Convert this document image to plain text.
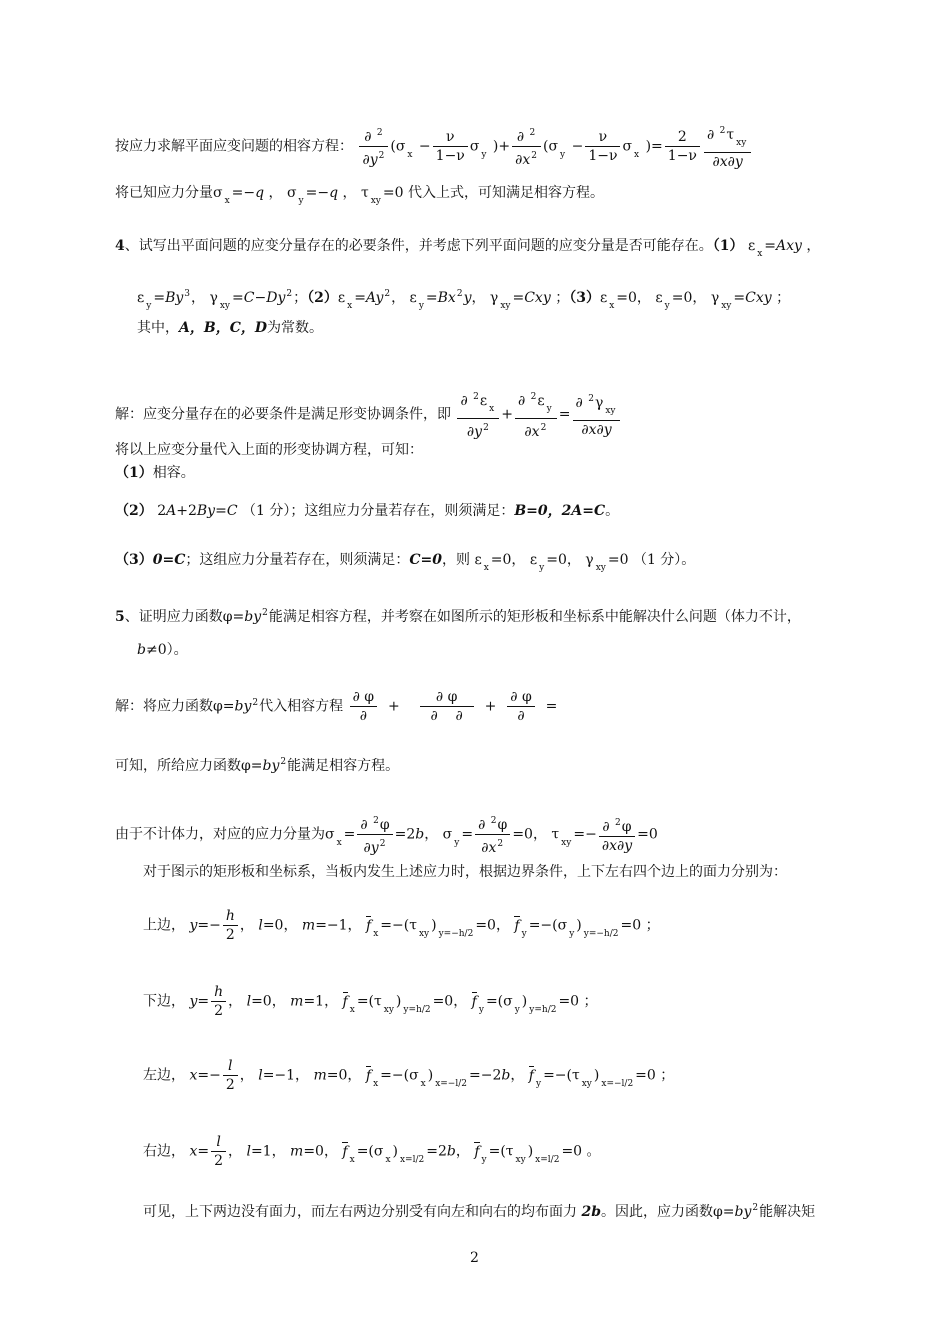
按应力求解平面应变问题的相容方程： $\frac{\partial ^2}{\partial y^2} (\sigma$ $_x - \frac{\nu}{1-\nu}$ σ $_y$ )+ $\frac{\partial ^2}{\partial x^2} (\sigma$ $_y - \frac{\nu}{1-\nu}$ σ $_x$ )= $\frac{2}{1-\nu} \frac{\partial ^2\tau _{xy}}{\partial x\partial y}$
将已知应力分量σ $_x$ =−q ， σ $_y$ =−q ， τ $_{xy}$ =0 代入上式，可知满足相容方程。
4、试写出平面问题的应变分量存在的必要条件，并考虑下列平面问题的应变分量是否可能存在。（1） ε $_x$ =Axy ，
ε $_y =By^3$， γ $_{xy} =C-Dy^2$；（2）ε $_x =Ay^2$， ε $_y =Bx^2y$， γ $_{xy}$ =Cxy ；（3）ε $_x$ =0， ε $_y$ =0， γ $_{xy}$ =Cxy ；
其中，A，B，C，D为常数。
解：应变分量存在的必要条件是满足形变协调条件，即 $\frac{\partial ^2\varepsilon _x}{\partial y^2} + \frac{\partial ^2\varepsilon _y}{\partial x^2} = \frac{\partial ^2\gamma _{xy}}{\partial x\partial y}$
将以上应变分量代入上面的形变协调方程，可知：
（1）相容。
（2） 2A+2By=C （1 分）；这组应力分量若存在，则须满足：B=0，2A=C。
（3）0=C；这组应力分量若存在，则须满足：C=0，则 ε $_x$ =0， ε $_y$ =0， γ $_{xy}$ =0 （1 分）。
5、证明应力函数$\varphi=by^2$能满足相容方程，并考察在如图所示的矩形板和坐标系中能解决什么问题（体力不计，
b≠0）。
解：将应力函数$\varphi=by^2$代入相容方程 $\frac{\partial \varphi}{\partial} + \frac{\partial \varphi}{\partial \partial} + \frac{\partial \varphi}{\partial}$ =
可知，所给应力函数$\varphi=by^2$能满足相容方程。
由于不计体力，对应的应力分量为σ $_x = \frac{\partial ^2\varphi}{\partial y^2} =2b$， σ $_y = \frac{\partial ^2\varphi}{\partial x^2} =0$， τ $_{xy} =- \frac{\partial ^2\varphi}{\partial x\partial y} =0$
对于图示的矩形板和坐标系，当板内发生上述应力时，根据边界条件，上下左右四个边上的面力分别为：
上边， $y=- \frac{h}{2}$ ， l=0， m=−1， f $_x$ =−(τ $_{xy}$ ) $_{y=-h/2}$ =0， f $_y$ =−(σ $_y$ ) $_{y=-h/2}$ =0 ；
下边， $y= \frac{h}{2}$ ， l=0， m=1， f $_x$ =(τ $_{xy}$ ) $_{y=h/2}$ =0， f $_y$ =(σ $_y$ ) $_{y=h/2}$ =0 ；
左边， $x=- \frac{l}{2}$ ， l=−1， m=0， f $_x$ =−(σ $_x$ ) $_{x=-l/2}$ =−2b， f $_y$ =−(τ $_{xy}$ ) $_{x=-l/2}$ =0 ；
右边， $x= \frac{l}{2}$ ， l=1， m=0， f $_x$ =(σ $_x$ ) $_{x=l/2}$ =2b， f $_y$ =(τ $_{xy}$ ) $_{x=l/2}$ =0 。
可见，上下两边没有面力，而左右两边分别受有向左和向右的均布面力 2b。因此，应力函数$\varphi=by^2$能解决矩
2
